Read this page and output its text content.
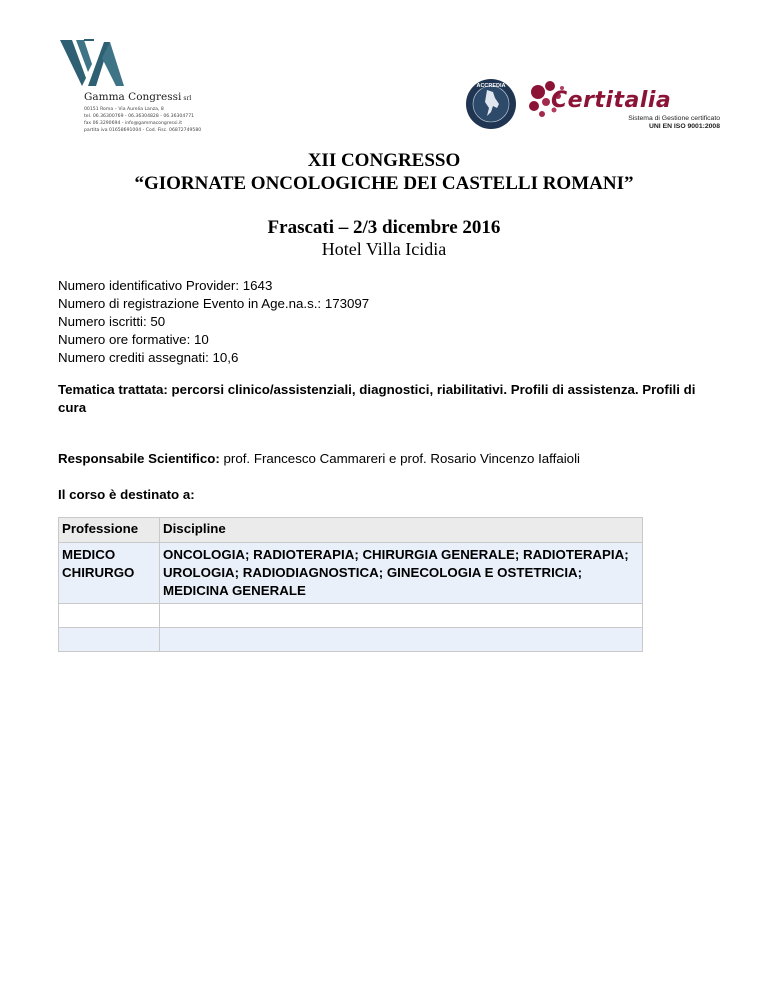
Gamma Congressi srl
00151 Roma – Via Aurelia Lanza, 8
tel. 06.36300769 - 06.36304828 - 06.36304771
fax 06.3290694 - info@gammacongressi.it
partita iva 01658691004 - Cod. Fisc. 06872749580
ACCREDIA
Certitalia
Sistema di Gestione certificato
UNI EN ISO 9001:2008
XII CONGRESSO
“GIORNATE ONCOLOGICHE DEI CASTELLI ROMANI”
Frascati – 2/3 dicembre 2016
Hotel Villa Icidia
Numero identificativo Provider: 1643
Numero di registrazione Evento in Age.na.s.: 173097
Numero iscritti: 50
Numero ore formative: 10
Numero crediti assegnati: 10,6
Tematica trattata: percorsi clinico/assistenziali, diagnostici, riabilitativi. Profili di assistenza. Profili di cura
Responsabile Scientifico: prof. Francesco Cammareri e prof. Rosario Vincenzo Iaffaioli
Il corso è destinato a:
Professione	Discipline
MEDICO CHIRURGO	ONCOLOGIA; RADIOTERAPIA; CHIRURGIA GENERALE; RADIOTERAPIA; UROLOGIA; RADIODIAGNOSTICA; GINECOLOGIA E OSTETRICIA; MEDICINA GENERALE
